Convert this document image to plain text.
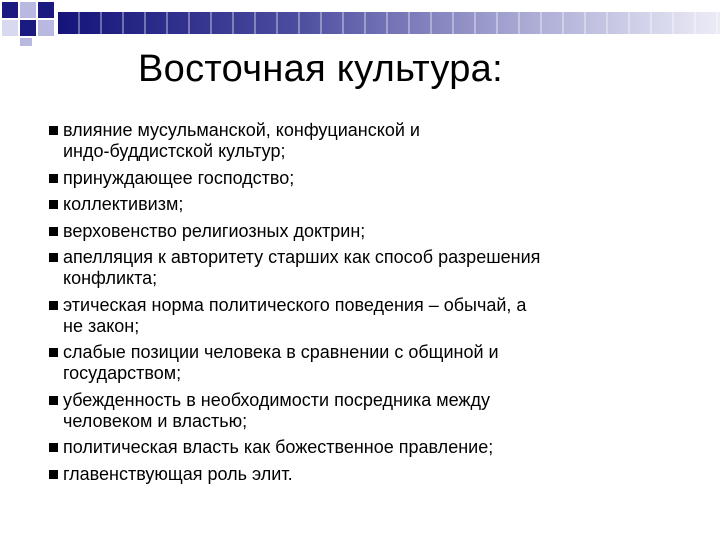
Восточная культура:
влияние мусульманской, конфуцианской и
индо-буддистской культур;
принуждающее господство;
коллективизм;
верховенство религиозных доктрин;
апелляция к авторитету старших как способ разрешения
конфликта;
этическая норма политического поведения – обычай, а
не закон;
слабые позиции человека в сравнении с общиной и
государством;
убежденность в необходимости посредника между
человеком и властью;
политическая власть как божественное правление;
главенствующая роль элит.
